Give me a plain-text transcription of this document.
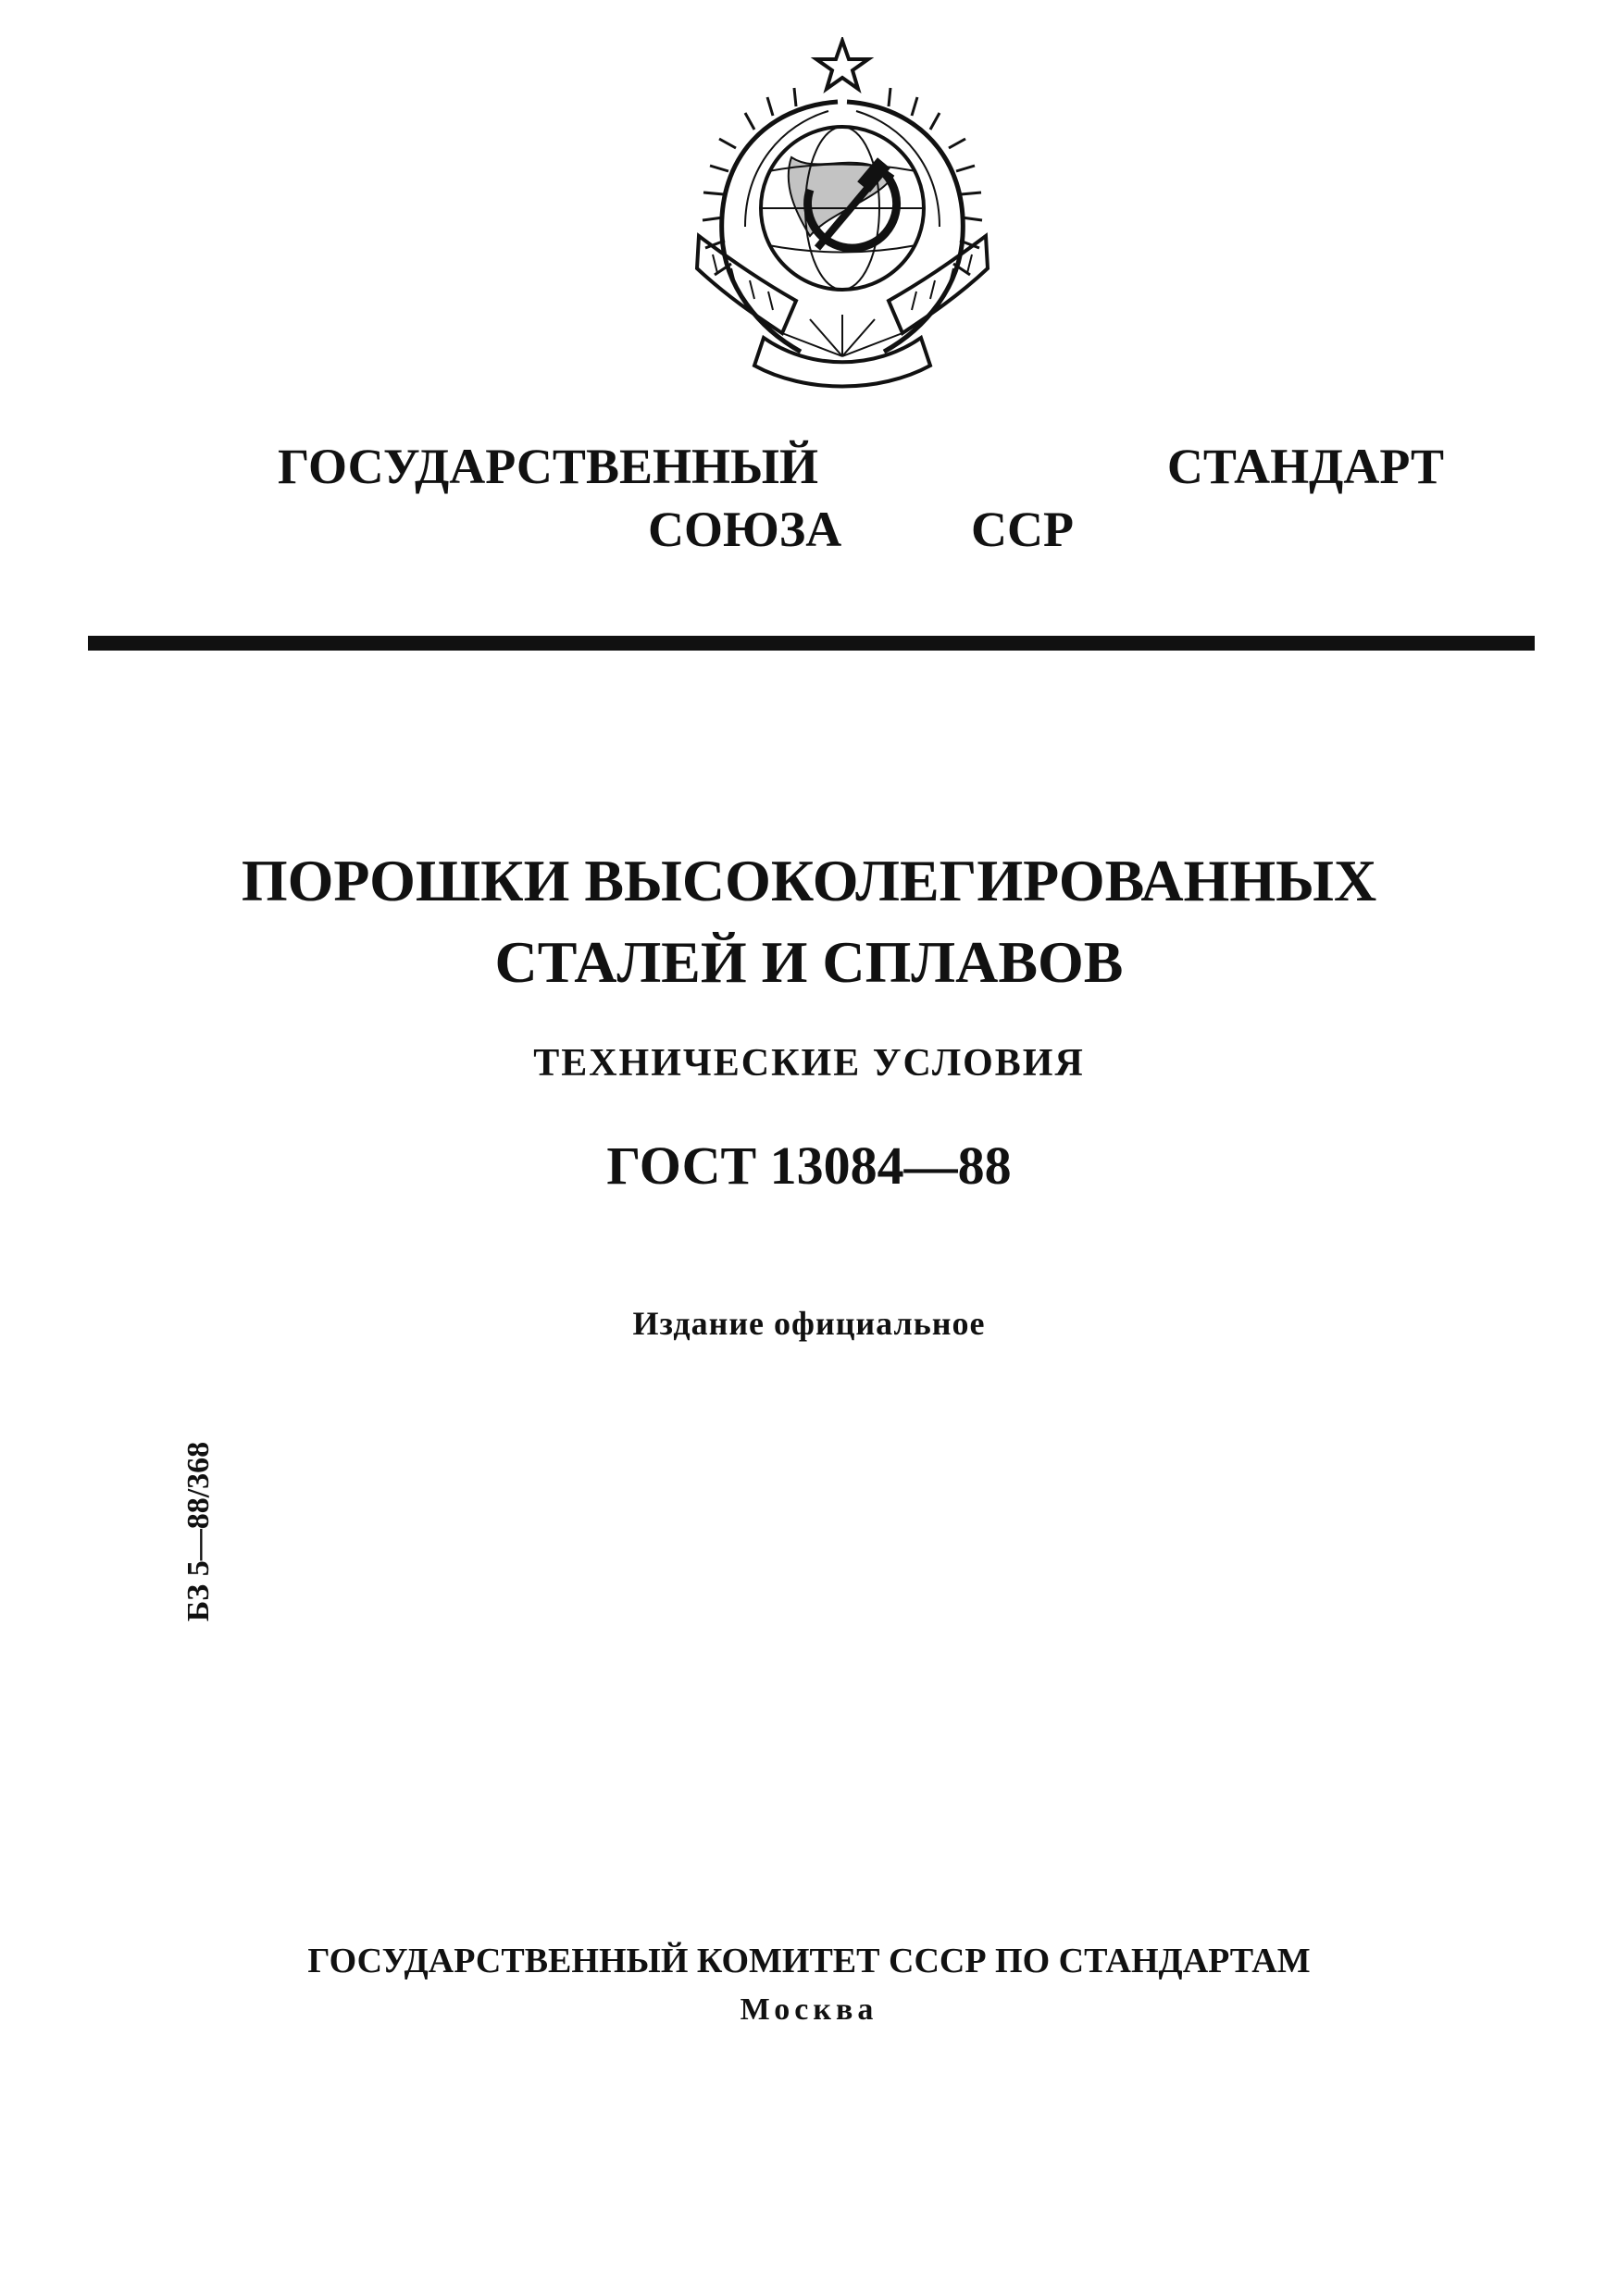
ГОСУДАРСТВЕННЫЙ СТАНДАРТ
СОЮЗА ССР
ПОРОШКИ ВЫСОКОЛЕГИРОВАННЫХ
СТАЛЕЙ И СПЛАВОВ
ТЕХНИЧЕСКИЕ УСЛОВИЯ
ГОСТ 13084—88
Издание официальное
БЗ 5—88/368
ГОСУДАРСТВЕННЫЙ КОМИТЕТ СССР ПО СТАНДАРТАМ
Москва
